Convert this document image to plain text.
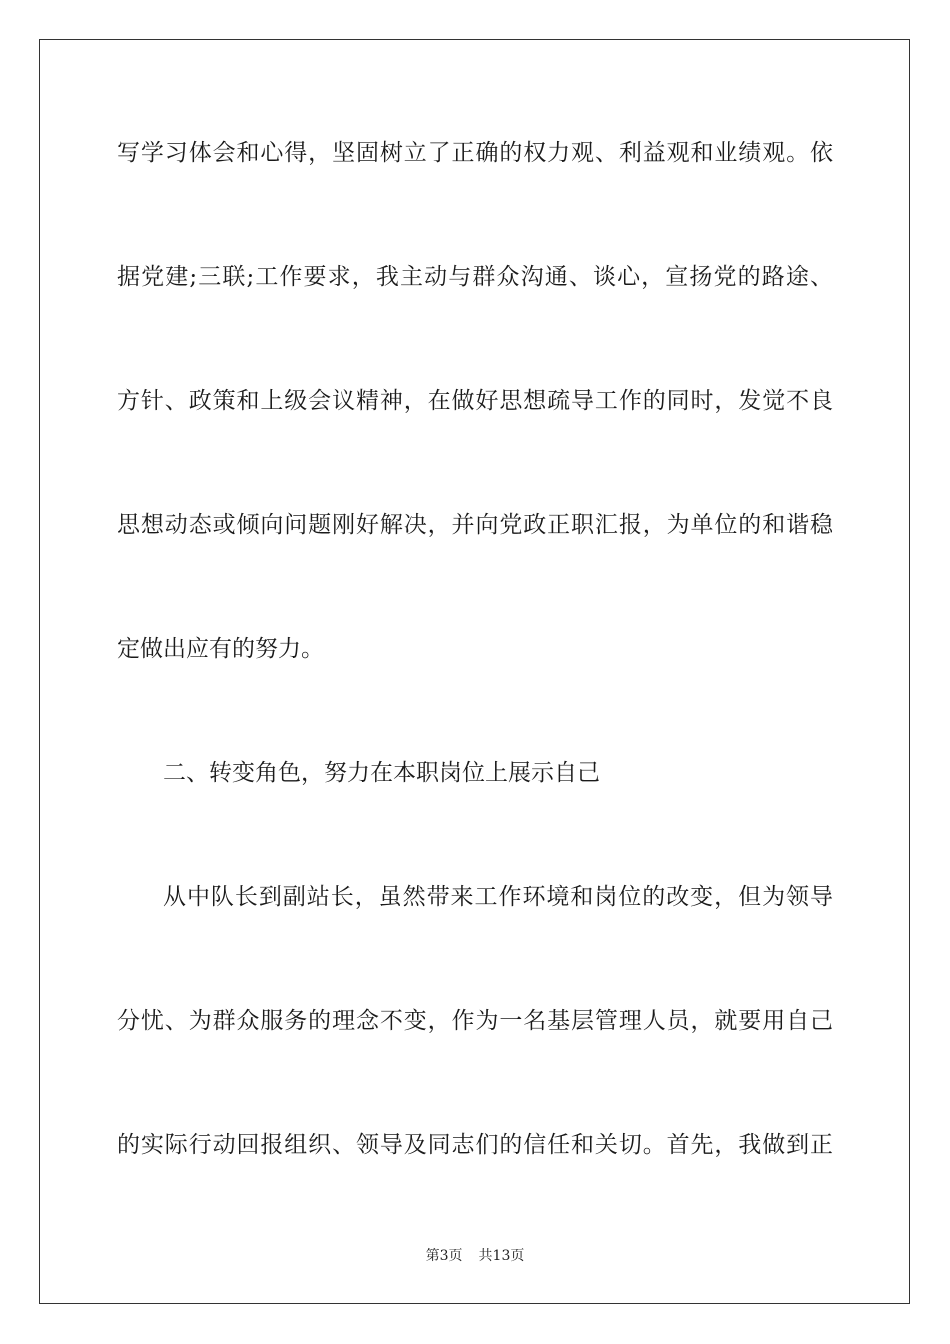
写学习体会和心得，坚固树立了正确的权力观、利益观和业绩观。依
据党建;三联;工作要求，我主动与群众沟通、谈心，宣扬党的路途、
方针、政策和上级会议精神，在做好思想疏导工作的同时，发觉不良
思想动态或倾向问题刚好解决，并向党政正职汇报，为单位的和谐稳
定做出应有的努力。
二、转变角色，努力在本职岗位上展示自己
从中队长到副站长，虽然带来工作环境和岗位的改变，但为领导
分忧、为群众服务的理念不变，作为一名基层管理人员，就要用自己
的实际行动回报组织、领导及同志们的信任和关切。首先，我做到正
第3页 共13页
